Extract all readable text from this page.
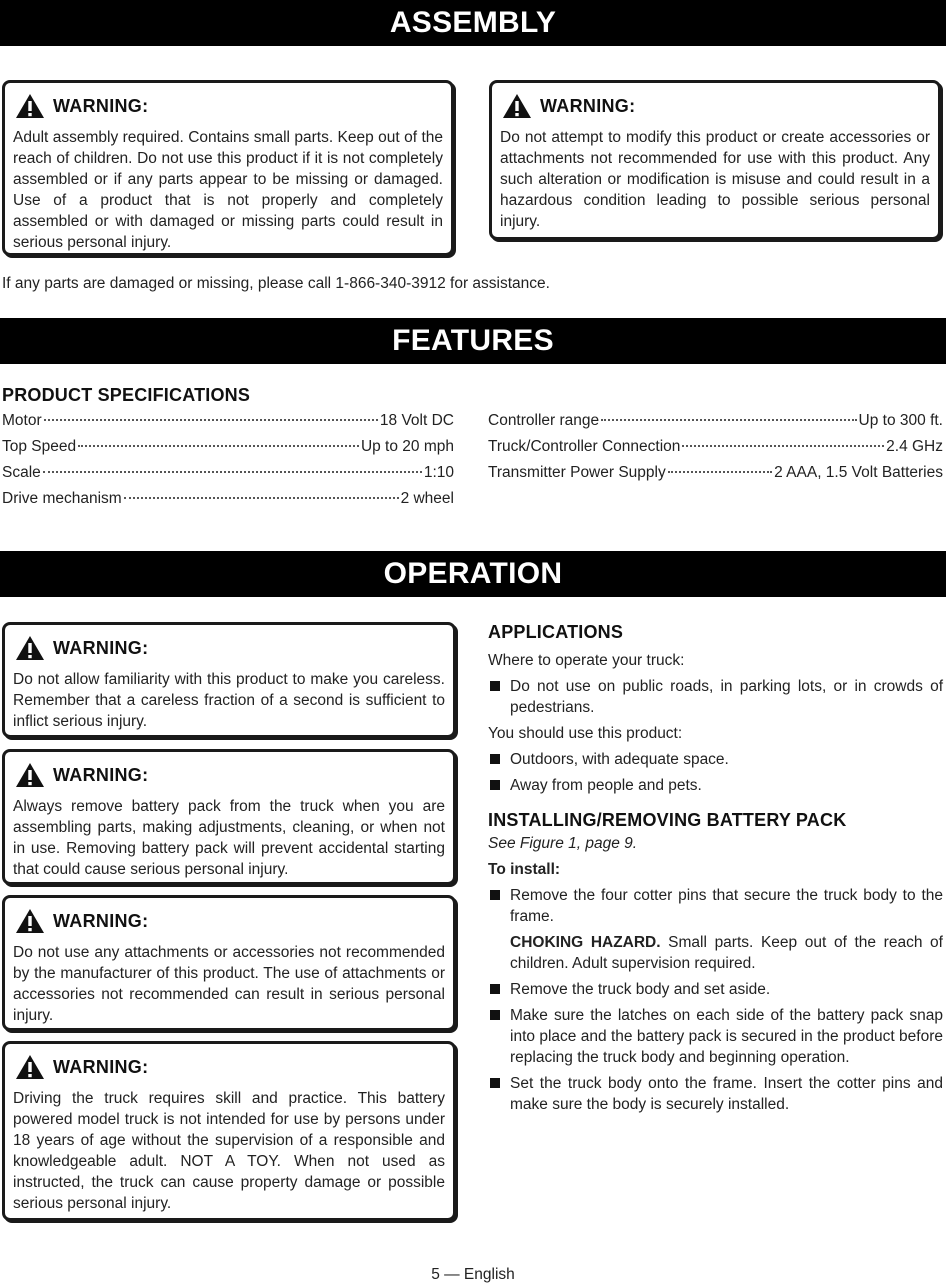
ASSEMBLY
WARNING:
Adult assembly required. Contains small parts. Keep out of the reach of children. Do not use this product if it is not completely assembled or if any parts appear to be missing or damaged. Use of a product that is not properly and completely assembled or with damaged or missing parts could result in serious personal injury.
WARNING:
Do not attempt to modify this product or create accessories or attachments not recommended for use with this product. Any such alteration or modification is misuse and could result in a hazardous condition leading to possible serious personal injury.
If any parts are damaged or missing, please call 1-866-340-3912 for assistance.
FEATURES
PRODUCT SPECIFICATIONS
Motor	18 Volt DC
Top Speed	Up to 20 mph
Scale	1:10
Drive mechanism	2 wheel
Controller range	Up to 300 ft.
Truck/Controller Connection	2.4 GHz
Transmitter Power Supply	2 AAA, 1.5 Volt Batteries
OPERATION
WARNING:
Do not allow familiarity with this product to make you careless. Remember that a careless fraction of a second is sufficient to inflict serious injury.
WARNING:
Always remove battery pack from the truck when you are assembling parts, making adjustments, cleaning, or when not in use. Removing battery pack will prevent accidental starting that could cause serious personal injury.
WARNING:
Do not use any attachments or accessories not recommended by the manufacturer of this product. The use of attachments or accessories not recommended can result in serious personal injury.
WARNING:
Driving the truck requires skill and practice. This battery powered model truck is not intended for use by persons under 18 years of age without the supervision of a responsible and knowledgeable adult. NOT A TOY. When not used as instructed, the truck can cause property damage or possible serious personal injury.
APPLICATIONS

Where to operate your truck:

Do not use on public roads, in parking lots, or in crowds of pedestrians.

You should use this product:

Outdoors, with adequate space.
Away from people and pets.
INSTALLING/REMOVING BATTERY PACK

See Figure 1, page 9.

To install:

Remove the four cotter pins that secure the truck body to the frame.

CHOKING HAZARD. Small parts. Keep out of the reach of children. Adult supervision required.

Remove the truck body and set aside.
Make sure the latches on each side of the battery pack snap into place and the battery pack is secured in the product before replacing the truck body and beginning operation.
Set the truck body onto the frame. Insert the cotter pins and make sure the body is securely installed.
5 — English
